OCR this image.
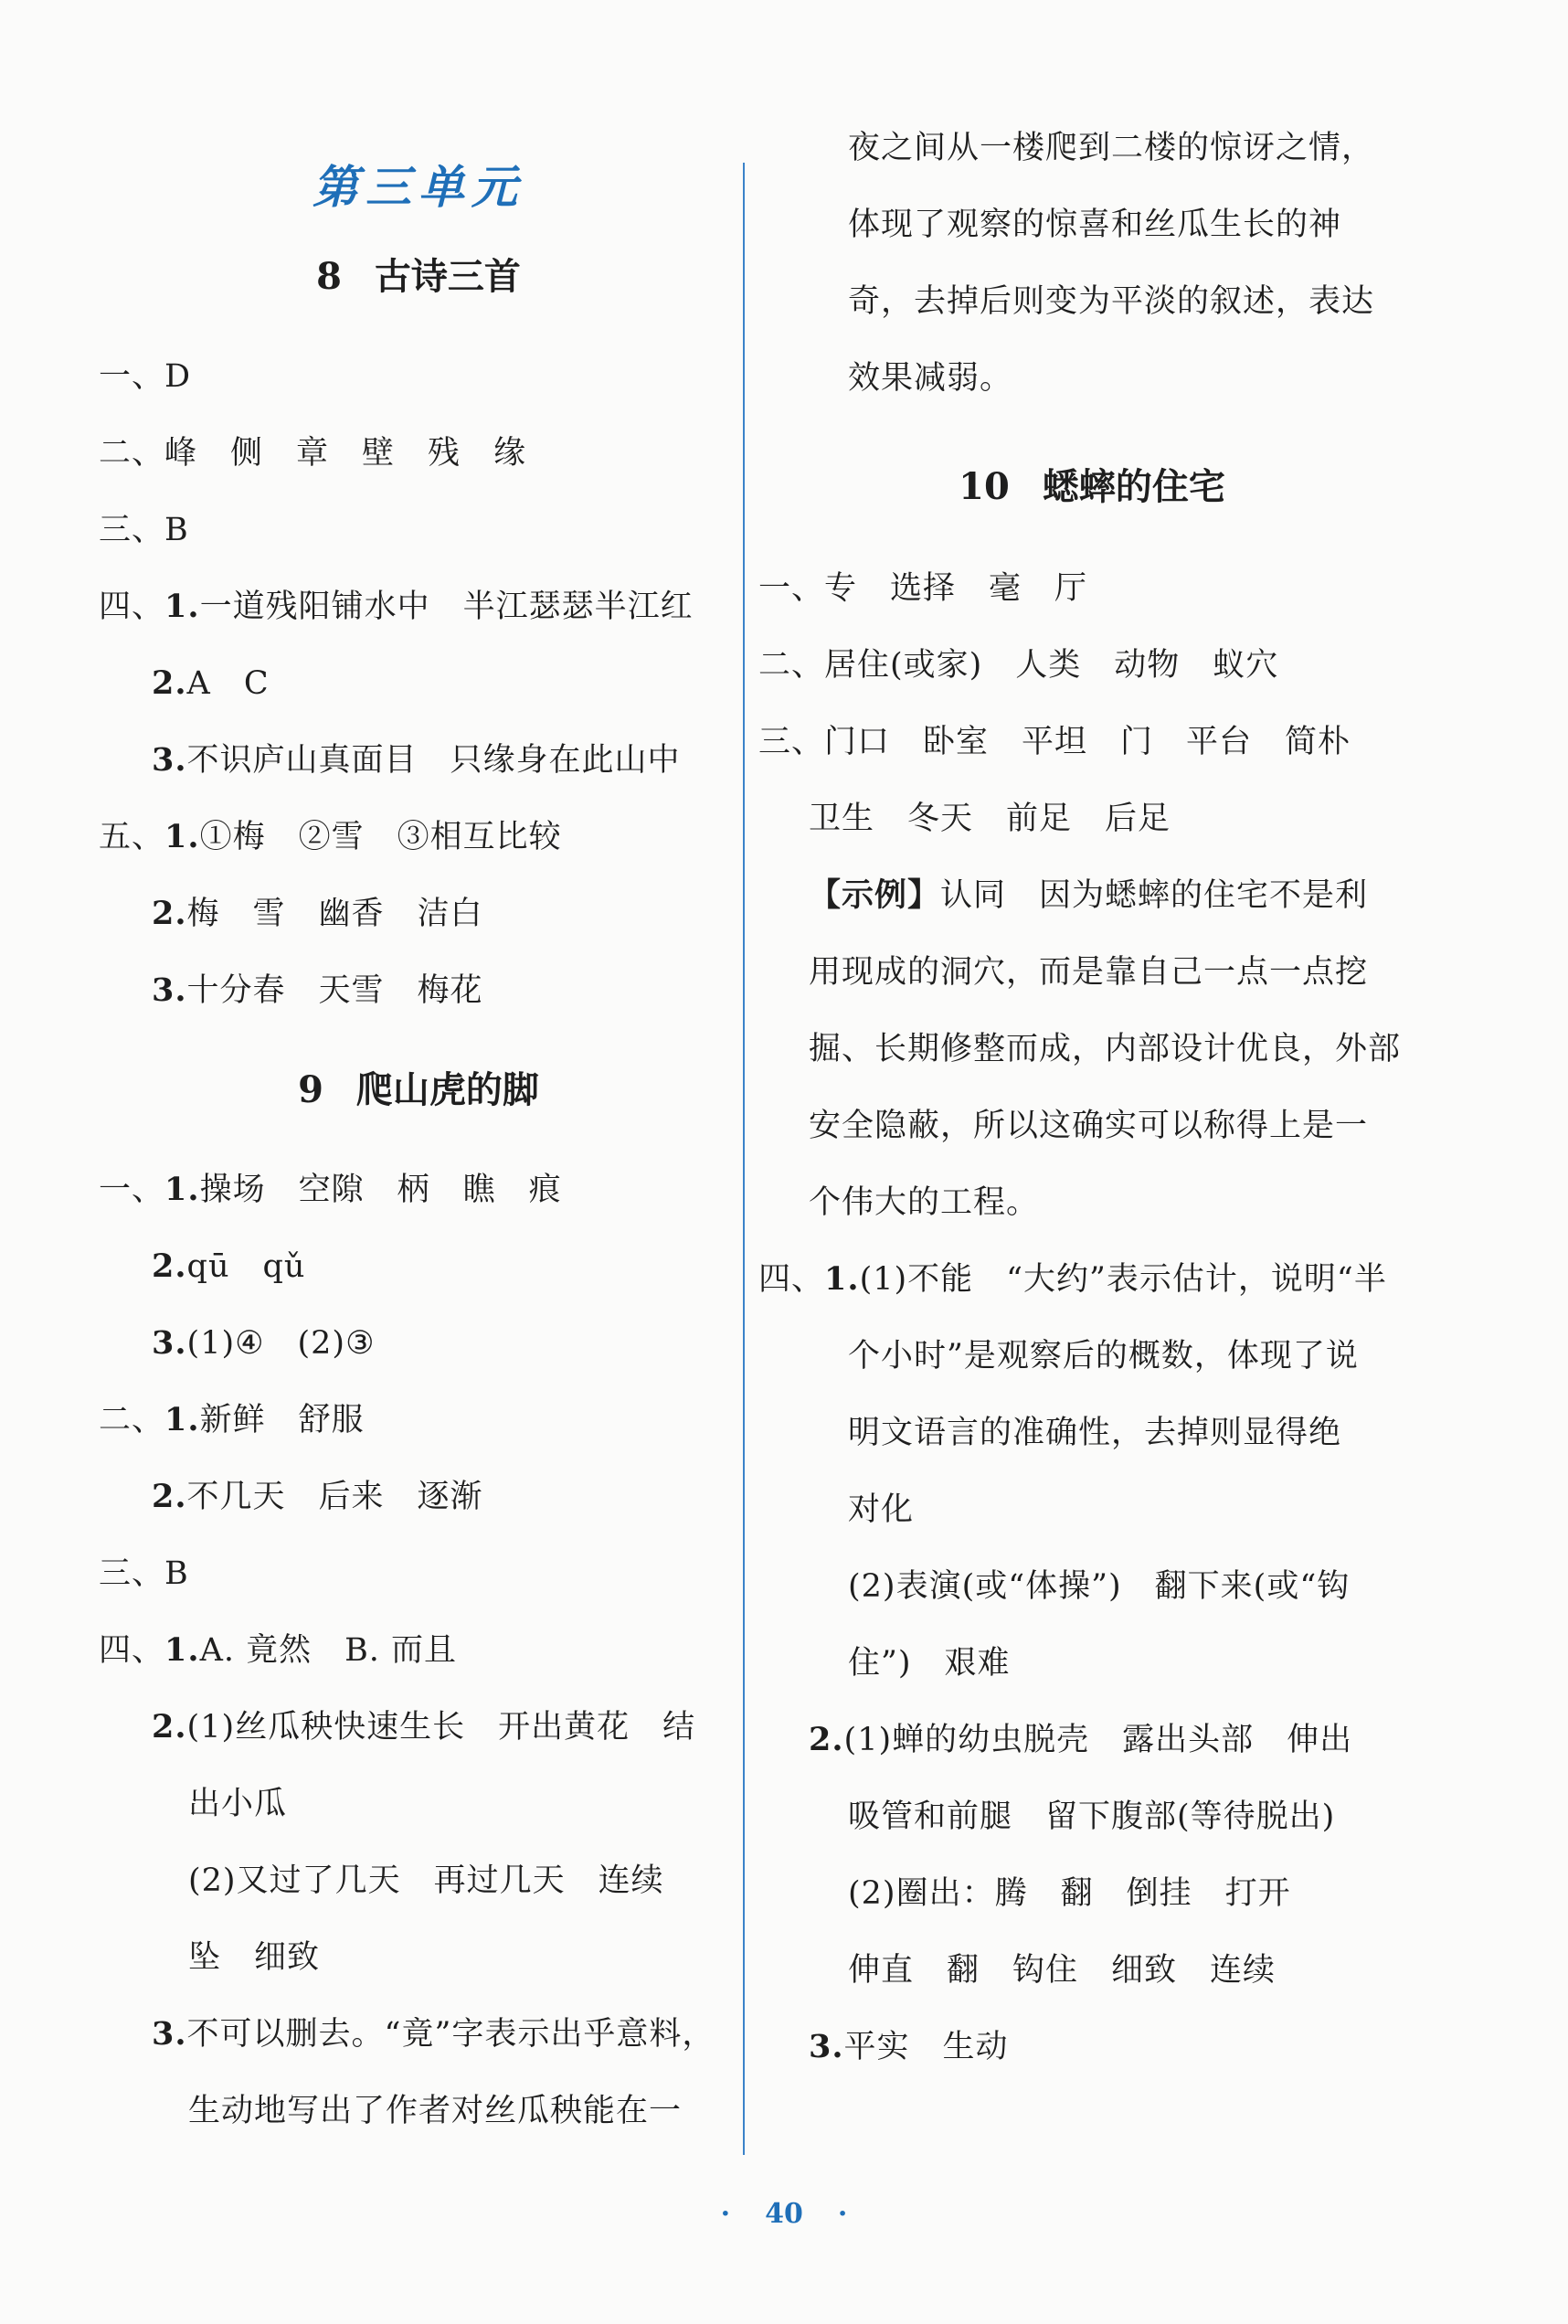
第三单元
8 古诗三首
一、D
二、峰　侧　章　壁　残　缘
三、B
四、1.一道残阳铺水中　半江瑟瑟半江红
2.A　C
3.不识庐山真面目　只缘身在此山中
五、1.①梅　②雪　③相互比较
2.梅　雪　幽香　洁白
3.十分春　天雪　梅花
9 爬山虎的脚
一、1.操场　空隙　柄　瞧　痕
2.qū　qǔ
3.(1)④　(2)③
二、1.新鲜　舒服
2.不几天　后来　逐渐
三、B
四、1.A. 竟然　B. 而且
2.(1)丝瓜秧快速生长　开出黄花　结
出小瓜
(2)又过了几天　再过几天　连续
坠　细致
3.不可以删去。“竟”字表示出乎意料，
生动地写出了作者对丝瓜秧能在一
夜之间从一楼爬到二楼的惊讶之情，
体现了观察的惊喜和丝瓜生长的神
奇，去掉后则变为平淡的叙述，表达
效果减弱。
10 蟋蟀的住宅
一、专　选择　毫　厅
二、居住(或家)　人类　动物　蚁穴
三、门口　卧室　平坦　门　平台　简朴
卫生　冬天　前足　后足
【示例】认同　因为蟋蟀的住宅不是利
用现成的洞穴，而是靠自己一点一点挖
掘、长期修整而成，内部设计优良，外部
安全隐蔽，所以这确实可以称得上是一
个伟大的工程。
四、1.(1)不能　“大约”表示估计，说明“半
个小时”是观察后的概数，体现了说
明文语言的准确性，去掉则显得绝
对化
(2)表演(或“体操”)　翻下来(或“钩
住”)　艰难
2.(1)蝉的幼虫脱壳　露出头部　伸出
吸管和前腿　留下腹部(等待脱出)
(2)圈出：腾　翻　倒挂　打开
伸直　翻　钩住　细致　连续
3.平实　生动
· 40 ·
